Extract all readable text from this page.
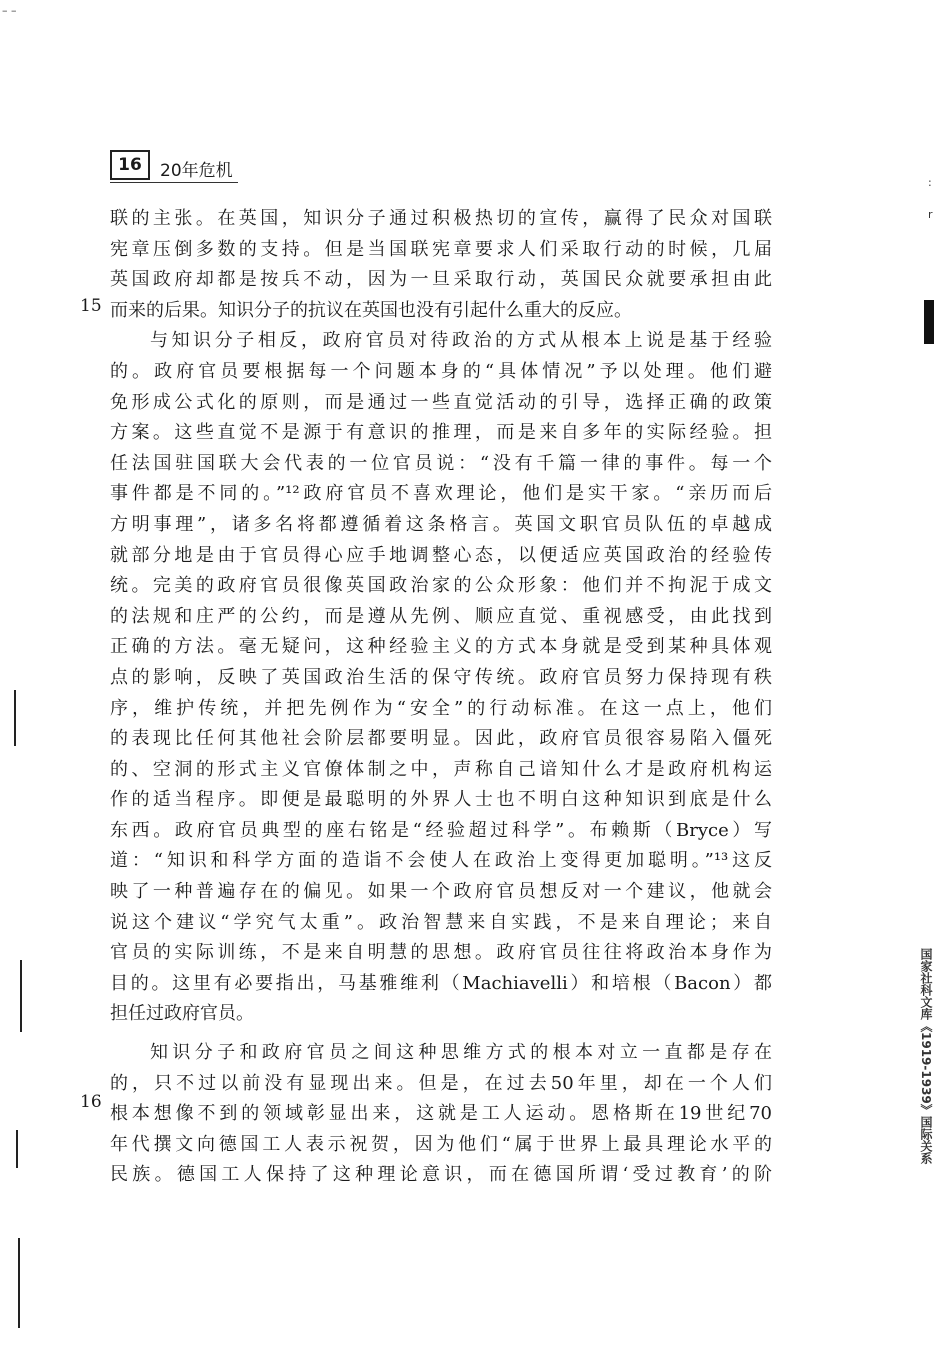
– –
16	20年危机
联的主张。在英国，知识分子通过积极热切的宣传，赢得了民众对国联
宪章压倒多数的支持。但是当国联宪章要求人们采取行动的时候，几届
英国政府却都是按兵不动，因为一旦采取行动，英国民众就要承担由此
而来的后果。知识分子的抗议在英国也没有引起什么重大的反应。
与知识分子相反，政府官员对待政治的方式从根本上说是基于经验
的。政府官员要根据每一个问题本身的“具体情况”予以处理。他们避
免形成公式化的原则，而是通过一些直觉活动的引导，选择正确的政策
方案。这些直觉不是源于有意识的推理，而是来自多年的实际经验。担
任法国驻国联大会代表的一位官员说：“没有千篇一律的事件。每一个
事件都是不同的。”¹²政府官员不喜欢理论，他们是实干家。“亲历而后
方明事理”，诸多名将都遵循着这条格言。英国文职官员队伍的卓越成
就部分地是由于官员得心应手地调整心态，以便适应英国政治的经验传
统。完美的政府官员很像英国政治家的公众形象：他们并不拘泥于成文
的法规和庄严的公约，而是遵从先例、顺应直觉、重视感受，由此找到
正确的方法。毫无疑问，这种经验主义的方式本身就是受到某种具体观
点的影响，反映了英国政治生活的保守传统。政府官员努力保持现有秩
序，维护传统，并把先例作为“安全”的行动标准。在这一点上，他们
的表现比任何其他社会阶层都要明显。因此，政府官员很容易陷入僵死
的、空洞的形式主义官僚体制之中，声称自己谙知什么才是政府机构运
作的适当程序。即便是最聪明的外界人士也不明白这种知识到底是什么
东西。政府官员典型的座右铭是“经验超过科学”。布赖斯（Bryce）写
道：“知识和科学方面的造诣不会使人在政治上变得更加聪明。”¹³这反
映了一种普遍存在的偏见。如果一个政府官员想反对一个建议，他就会
说这个建议“学究气太重”。政治智慧来自实践，不是来自理论；来自
官员的实际训练，不是来自明慧的思想。政府官员往往将政治本身作为
目的。这里有必要指出，马基雅维利（Machiavelli）和培根（Bacon）都
担任过政府官员。
知识分子和政府官员之间这种思维方式的根本对立一直都是存在
的，只不过以前没有显现出来。但是，在过去50年里，却在一个人们
根本想像不到的领域彰显出来，这就是工人运动。恩格斯在19世纪70
年代撰文向德国工人表示祝贺，因为他们“属于世界上最具理论水平的
民族。德国工人保持了这种理论意识，而在德国所谓‘受过教育’的阶
15
16
:
r
国家社科文库《1919-1939》国际关系
